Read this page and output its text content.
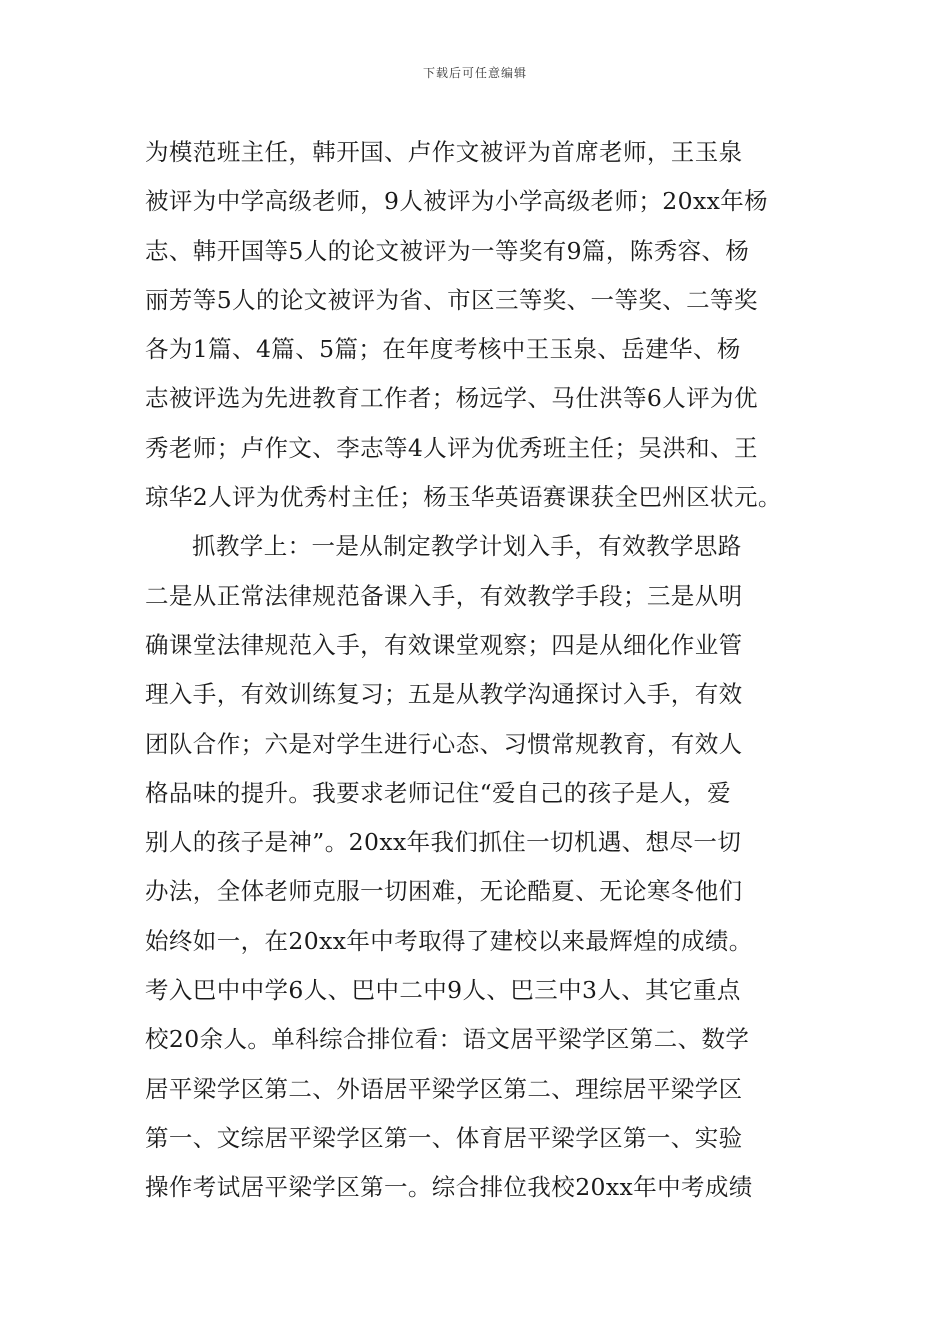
下载后可任意编辑
为模范班主任，韩开国、卢作文被评为首席老师，王玉泉
被评为中学高级老师，9人被评为小学高级老师；20xx年杨
志、韩开国等5人的论文被评为一等奖有9篇，陈秀容、杨
丽芳等5人的论文被评为省、市区三等奖、一等奖、二等奖
各为1篇、4篇、5篇；在年度考核中王玉泉、岳建华、杨
志被评选为先进教育工作者；杨远学、马仕洪等6人评为优
秀老师；卢作文、李志等4人评为优秀班主任；吴洪和、王
琼华2人评为优秀村主任；杨玉华英语赛课获全巴州区状元。
抓教学上：一是从制定教学计划入手，有效教学思路
二是从正常法律规范备课入手，有效教学手段；三是从明
确课堂法律规范入手，有效课堂观察；四是从细化作业管
理入手，有效训练复习；五是从教学沟通探讨入手，有效
团队合作；六是对学生进行心态、习惯常规教育，有效人
格品味的提升。我要求老师记住“爱自己的孩子是人，爱
别人的孩子是神”。20xx年我们抓住一切机遇、想尽一切
办法，全体老师克服一切困难，无论酷夏、无论寒冬他们
始终如一，在20xx年中考取得了建校以来最辉煌的成绩。
考入巴中中学6人、巴中二中9人、巴三中3人、其它重点
校20余人。单科综合排位看：语文居平梁学区第二、数学
居平梁学区第二、外语居平梁学区第二、理综居平梁学区
第一、文综居平梁学区第一、体育居平梁学区第一、实验
操作考试居平梁学区第一。综合排位我校20xx年中考成绩
